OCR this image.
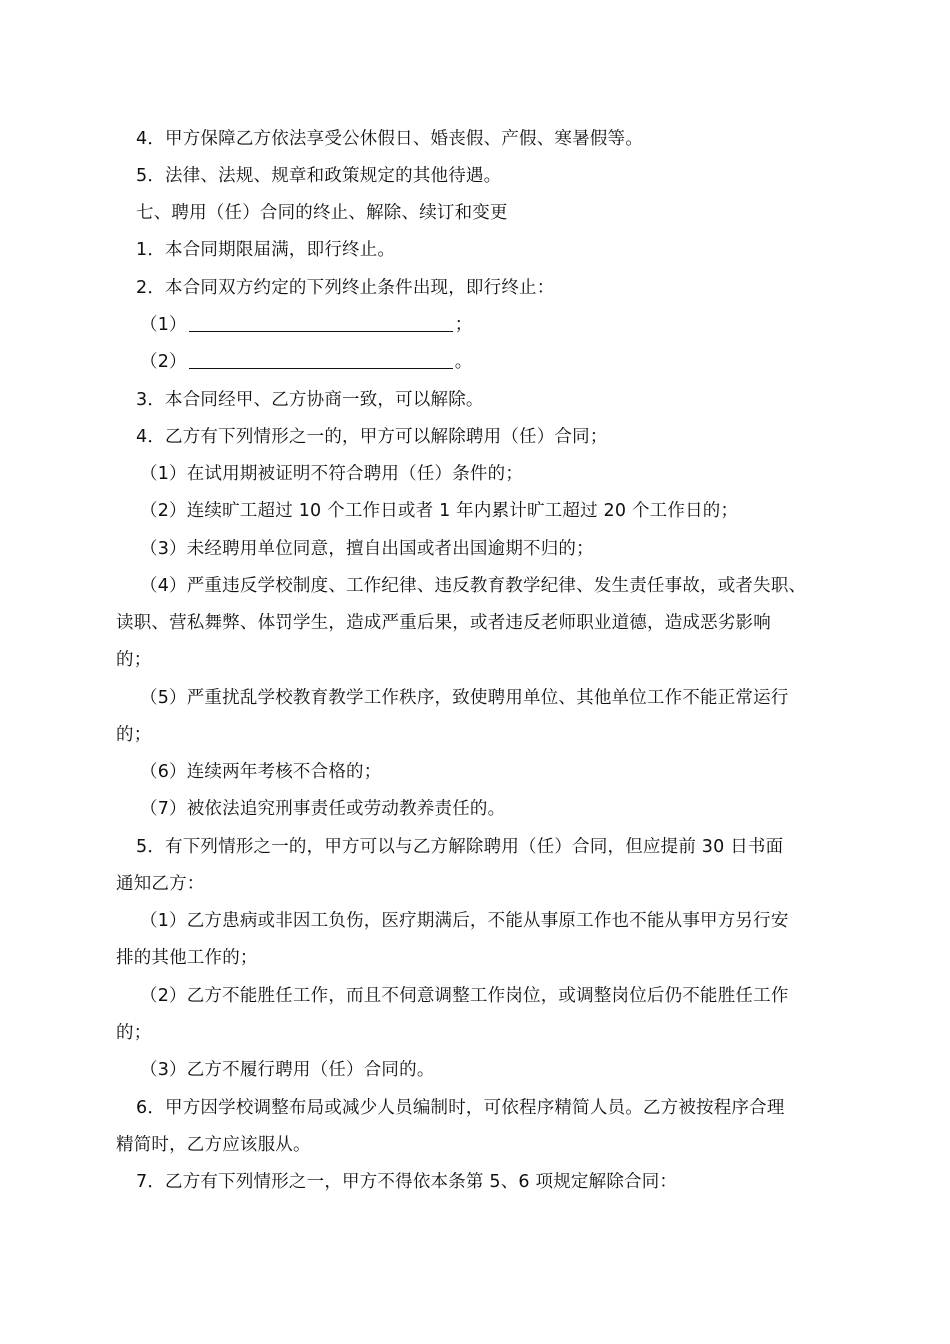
4．甲方保障乙方依法享受公休假日、婚丧假、产假、寒暑假等。
5．法律、法规、规章和政策规定的其他待遇。
七、聘用（任）合同的终止、解除、续订和变更
1．本合同期限届满，即行终止。
2．本合同双方约定的下列终止条件出现，即行终止：
（1）	；
（2）	。
3．本合同经甲、乙方协商一致，可以解除。
4．乙方有下列情形之一的，甲方可以解除聘用（任）合同；
（1）在试用期被证明不符合聘用（任）条件的；
（2）连续旷工超过 10 个工作日或者 1 年内累计旷工超过 20 个工作日的；
（3）未经聘用单位同意，擅自出国或者出国逾期不归的；
（4）严重违反学校制度、工作纪律、违反教育教学纪律、发生责任事故，或者失职、
读职、营私舞弊、体罚学生，造成严重后果，或者违反老师职业道德，造成恶劣影响
的；
（5）严重扰乱学校教育教学工作秩序，致使聘用单位、其他单位工作不能正常运行
的；
（6）连续两年考核不合格的；
（7）被依法追究刑事责任或劳动教养责任的。
5．有下列情形之一的，甲方可以与乙方解除聘用（任）合同，但应提前 30 日书面
通知乙方：
（1）乙方患病或非因工负伤，医疗期满后，不能从事原工作也不能从事甲方另行安
排的其他工作的；
（2）乙方不能胜任工作，而且不伺意调整工作岗位，或调整岗位后仍不能胜任工作
的；
（3）乙方不履行聘用（任）合同的。
6．甲方因学校调整布局或减少人员编制时，可依程序精简人员。乙方被按程序合理
精简时，乙方应该服从。
7．乙方有下列情形之一，甲方不得依本条第 5、6 项规定解除合同：
